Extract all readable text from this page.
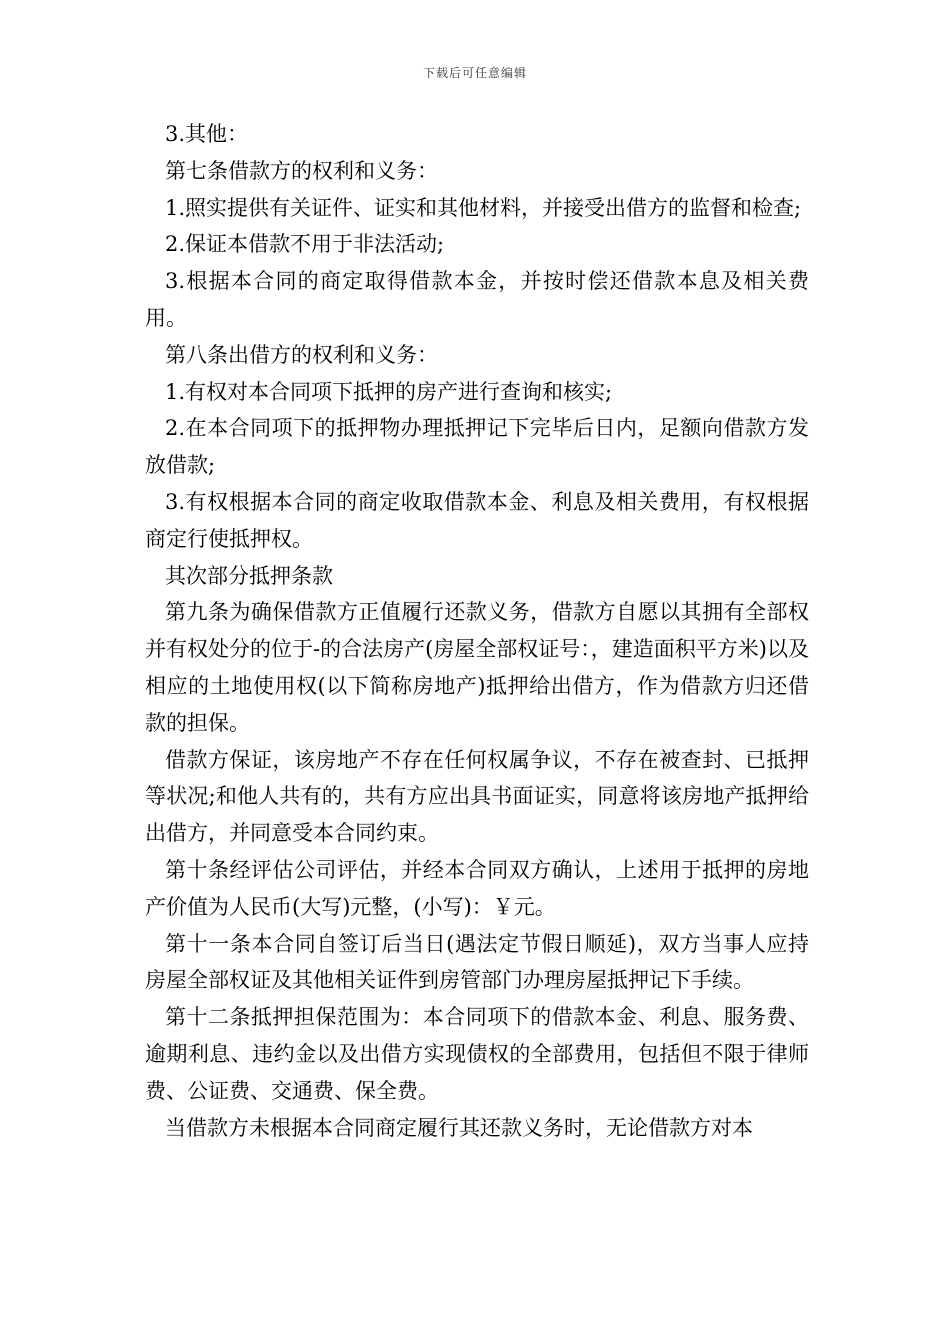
下载后可任意编辑

3.其他：

第七条借款方的权利和义务：

1.照实提供有关证件、证实和其他材料，并接受出借方的监督和检查;

2.保证本借款不用于非法活动;

3.根据本合同的商定取得借款本金，并按时偿还借款本息及相关费用。

第八条出借方的权利和义务：

1.有权对本合同项下抵押的房产进行查询和核实;

2.在本合同项下的抵押物办理抵押记下完毕后日内，足额向借款方发放借款;

3.有权根据本合同的商定收取借款本金、利息及相关费用，有权根据商定行使抵押权。

其次部分抵押条款

第九条为确保借款方正值履行还款义务，借款方自愿以其拥有全部权并有权处分的位于-的合法房产(房屋全部权证号：，建造面积平方米)以及相应的土地使用权(以下简称房地产)抵押给出借方，作为借款方归还借款的担保。

借款方保证，该房地产不存在任何权属争议，不存在被查封、已抵押等状况;和他人共有的，共有方应出具书面证实，同意将该房地产抵押给出借方，并同意受本合同约束。

第十条经评估公司评估，并经本合同双方确认，上述用于抵押的房地产价值为人民币(大写)元整，(小写)：￥元。

第十一条本合同自签订后当日(遇法定节假日顺延)，双方当事人应持房屋全部权证及其他相关证件到房管部门办理房屋抵押记下手续。

第十二条抵押担保范围为：本合同项下的借款本金、利息、服务费、逾期利息、违约金以及出借方实现债权的全部费用，包括但不限于律师费、公证费、交通费、保全费。

当借款方未根据本合同商定履行其还款义务时，无论借款方对本
